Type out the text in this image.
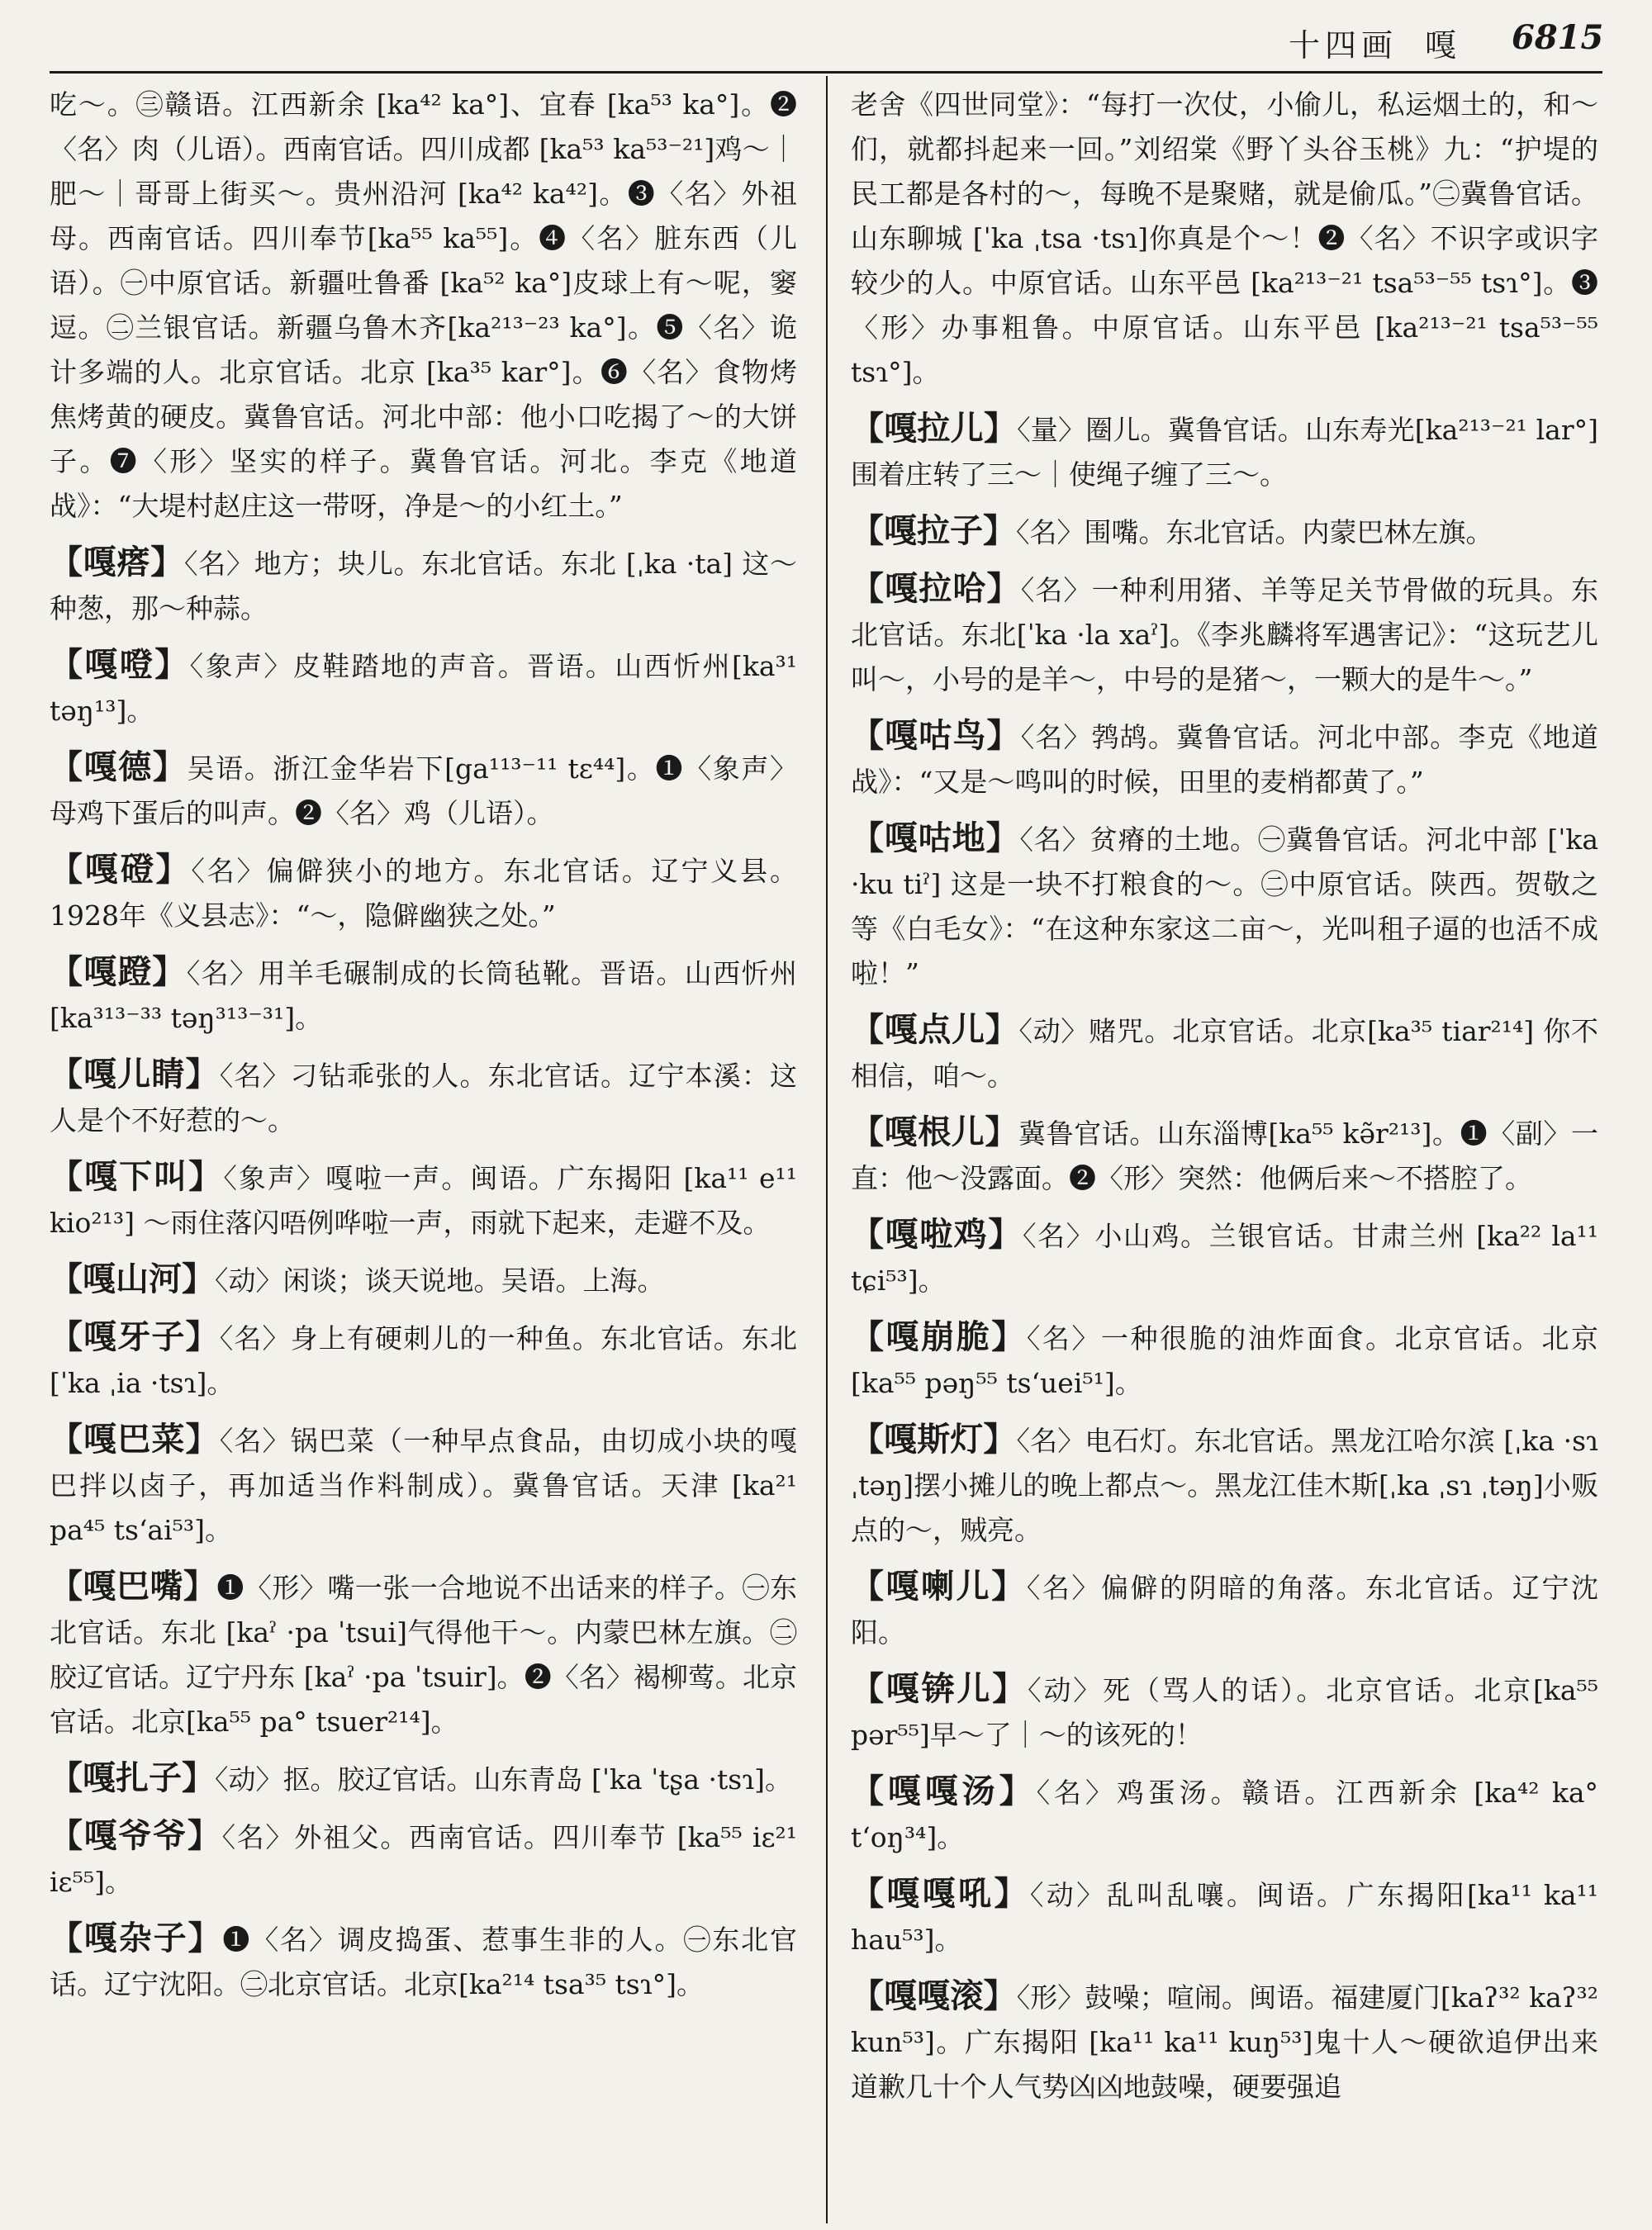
十四画 嘎 6815

吃～。㊂赣语。江西新余 [ka⁴² ka°]、宜春 [ka⁵³ ka°]。❷〈名〉肉（儿语）。西南官话。四川成都 [ka⁵³ ka⁵³⁻²¹]鸡～｜肥～｜哥哥上街买～。贵州沿河 [ka⁴² ka⁴²]。❸〈名〉外祖母。西南官话。四川奉节[ka⁵⁵ ka⁵⁵]。❹〈名〉脏东西（儿语）。㊀中原官话。新疆吐鲁番 [ka⁵² ka°]皮球上有～呢，窭逗。㊁兰银官话。新疆乌鲁木齐[ka²¹³⁻²³ ka°]。❺〈名〉诡计多端的人。北京官话。北京 [ka³⁵ kar°]。❻〈名〉食物烤焦烤黄的硬皮。冀鲁官话。河北中部：他小口吃揭了～的大饼子。❼〈形〉坚实的样子。冀鲁官话。河北。李克《地道战》：“大堤村赵庄这一带呀，净是～的小红土。”

【嘎瘩】〈名〉地方；块儿。东北官话。东北 [ˌka ·ta] 这～种葱，那～种蒜。

【嘎噔】〈象声〉皮鞋踏地的声音。晋语。山西忻州[ka³¹ təŋ¹³]。

【嘎德】吴语。浙江金华岩下[ga¹¹³⁻¹¹ tɛ⁴⁴]。❶〈象声〉母鸡下蛋后的叫声。❷〈名〉鸡（儿语）。

【嘎磴】〈名〉偏僻狭小的地方。东北官话。辽宁义县。1928年《义县志》：“～，隐僻幽狭之处。”

【嘎蹬】〈名〉用羊毛碾制成的长筒毡靴。晋语。山西忻州[ka³¹³⁻³³ təŋ³¹³⁻³¹]。

【嘎儿睛】〈名〉刁钻乖张的人。东北官话。辽宁本溪：这人是个不好惹的～。

【嘎下叫】〈象声〉嘎啦一声。闽语。广东揭阳 [ka¹¹ e¹¹ kio²¹³] ～雨住落闪唔例哗啦一声，雨就下起来，走避不及。

【嘎山河】〈动〉闲谈；谈天说地。吴语。上海。

【嘎牙子】〈名〉身上有硬刺儿的一种鱼。东北官话。东北[ˈka ˌia ·tsɿ]。

【嘎巴菜】〈名〉锅巴菜（一种早点食品，由切成小块的嘎巴拌以卤子，再加适当作料制成）。冀鲁官话。天津 [ka²¹ pa⁴⁵ tsʻai⁵³]。

【嘎巴嘴】❶〈形〉嘴一张一合地说不出话来的样子。㊀东北官话。东北 [kaˀ ·pa ˈtsui]气得他干～。内蒙巴林左旗。㊁胶辽官话。辽宁丹东 [kaˀ ·pa ˈtsuir]。❷〈名〉褐柳莺。北京官话。北京[ka⁵⁵ pa° tsuer²¹⁴]。

【嘎扎子】〈动〉抠。胶辽官话。山东青岛 [ˈka ˈtʂa ·tsɿ]。

【嘎爷爷】〈名〉外祖父。西南官话。四川奉节 [ka⁵⁵ iɛ²¹ iɛ⁵⁵]。

【嘎杂子】❶〈名〉调皮捣蛋、惹事生非的人。㊀东北官话。辽宁沈阳。㊁北京官话。北京[ka²¹⁴ tsa³⁵ tsɿ°]。

老舍《四世同堂》：“每打一次仗，小偷儿，私运烟土的，和～们，就都抖起来一回。”刘绍棠《野丫头谷玉桃》九：“护堤的民工都是各村的～，每晚不是聚赌，就是偷瓜。”㊁冀鲁官话。山东聊城 [ˈka ˌtsa ·tsɿ]你真是个～！❷〈名〉不识字或识字较少的人。中原官话。山东平邑 [ka²¹³⁻²¹ tsa⁵³⁻⁵⁵ tsɿ°]。❸〈形〉办事粗鲁。中原官话。山东平邑 [ka²¹³⁻²¹ tsa⁵³⁻⁵⁵ tsɿ°]。

【嘎拉儿】〈量〉圈儿。冀鲁官话。山东寿光[ka²¹³⁻²¹ lar°] 围着庄转了三～｜使绳子缠了三～。

【嘎拉子】〈名〉围嘴。东北官话。内蒙巴林左旗。

【嘎拉哈】〈名〉一种利用猪、羊等足关节骨做的玩具。东北官话。东北[ˈka ·la xaˀ]。《李兆麟将军遇害记》：“这玩艺儿叫～，小号的是羊～，中号的是猪～，一颗大的是牛～。”

【嘎咕鸟】〈名〉鹁鸪。冀鲁官话。河北中部。李克《地道战》：“又是～鸣叫的时候，田里的麦梢都黄了。”

【嘎咕地】〈名〉贫瘠的土地。㊀冀鲁官话。河北中部 [ˈka ·ku tiˀ] 这是一块不打粮食的～。㊁中原官话。陕西。贺敬之等《白毛女》：“在这种东家这二亩～，光叫租子逼的也活不成啦！”

【嘎点儿】〈动〉赌咒。北京官话。北京[ka³⁵ tiar²¹⁴] 你不相信，咱～。

【嘎根儿】冀鲁官话。山东淄博[ka⁵⁵ kə̃r²¹³]。❶〈副〉一直：他～没露面。❷〈形〉突然：他俩后来～不搭腔了。

【嘎啦鸡】〈名〉小山鸡。兰银官话。甘肃兰州 [ka²² la¹¹ tɕi⁵³]。

【嘎崩脆】〈名〉一种很脆的油炸面食。北京官话。北京[ka⁵⁵ pəŋ⁵⁵ tsʻuei⁵¹]。

【嘎斯灯】〈名〉电石灯。东北官话。黑龙江哈尔滨 [ˌka ·sɿ ˌtəŋ]摆小摊儿的晚上都点～。黑龙江佳木斯[ˌka ˌsɿ ˌtəŋ]小贩点的～，贼亮。

【嘎喇儿】〈名〉偏僻的阴暗的角落。东北官话。辽宁沈阳。

【嘎锛儿】〈动〉死（骂人的话）。北京官话。北京[ka⁵⁵ pər⁵⁵]早～了｜～的该死的！

【嘎嘎汤】〈名〉鸡蛋汤。赣语。江西新余 [ka⁴² ka° tʻoŋ³⁴]。

【嘎嘎吼】〈动〉乱叫乱嚷。闽语。广东揭阳[ka¹¹ ka¹¹ hau⁵³]。

【嘎嘎滚】〈形〉鼓噪；喧闹。闽语。福建厦门[kaʔ³² kaʔ³² kun⁵³]。广东揭阳 [ka¹¹ ka¹¹ kuŋ⁵³]鬼十人～硬欲追伊出来道歉几十个人气势凶凶地鼓噪，硬要强追
